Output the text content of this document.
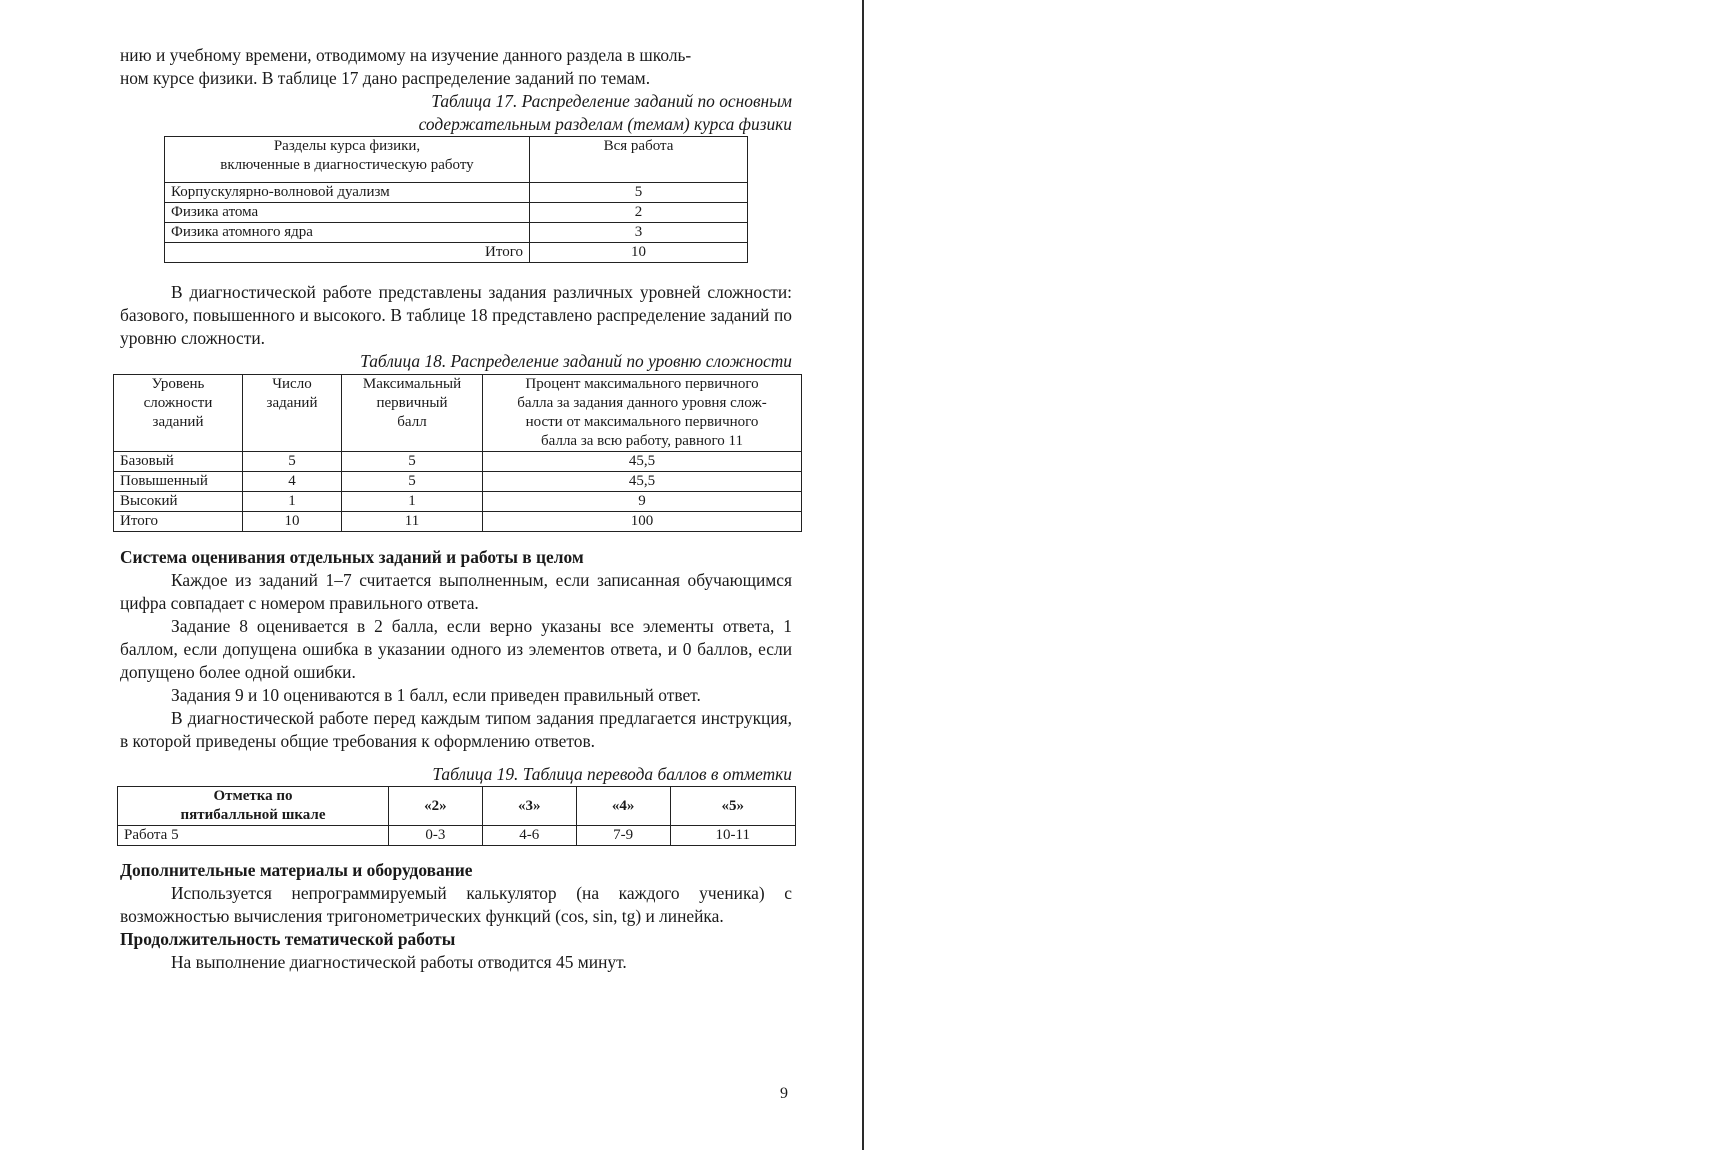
нию и учебному времени, отводимому на изучение данного раздела в школь-

ном курсе физики. В таблице 17 дано распределение заданий по темам.

Таблица 17. Распределение заданий по основным

содержательным разделам (темам) курса физики

Разделы курса физики,
включенные в диагностическую работу	Вся работа
Корпускулярно-волновой дуализм	5
Физика атома	2
Физика атомного ядра	3
Итого	10

В диагностической работе представлены задания различных уровней сложности: базового, повышенного и высокого. В таблице 18 представлено распределение заданий по уровню сложности.

Таблица 18. Распределение заданий по уровню сложности

Уровень
сложности
заданий	Число
заданий	Максимальный
первичный
балл	Процент максимального первичного
балла за задания данного уровня слож-
ности от максимального первичного
балла за всю работу, равного 11
Базовый	5	5	45,5
Повышенный	4	5	45,5
Высокий	1	1	9
Итого	10	11	100

Система оценивания отдельных заданий и работы в целом

Каждое из заданий 1–7 считается выполненным, если записанная обучающимся цифра совпадает с номером правильного ответа.

Задание 8 оценивается в 2 балла, если верно указаны все элементы ответа, 1 баллом, если допущена ошибка в указании одного из элементов ответа, и 0 баллов, если допущено более одной ошибки.

Задания 9 и 10 оцениваются в 1 балл, если приведен правильный ответ.

В диагностической работе перед каждым типом задания предлагается инструкция, в которой приведены общие требования к оформлению ответов.

Таблица 19. Таблица перевода баллов в отметки

Отметка по
пятибалльной шкале	«2»	«3»	«4»	«5»
Работа 5	0-3	4-6	7-9	10-11

Дополнительные материалы и оборудование

Используется непрограммируемый калькулятор (на каждого ученика) с возможностью вычисления тригонометрических функций (cos, sin, tg) и линейка.

Продолжительность тематической работы

На выполнение диагностической работы отводится 45 минут.

9
